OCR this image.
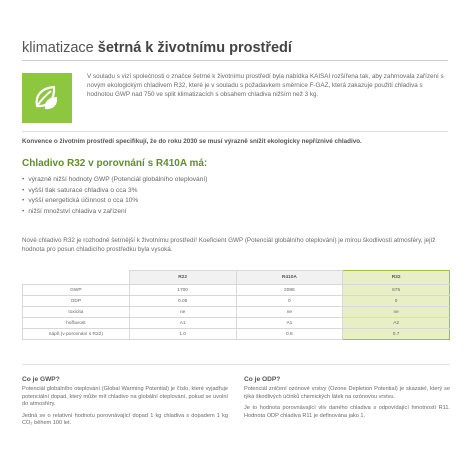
klimatizace šetrná k životnímu prostředí

V souladu s vizí společnosti o značce šetrné k životnímu prostředí byla nabídka KAISAI rozšířena tak, aby zahrnovala zařízení s novým ekologickým chladivem R32, které je v souladu s požadavkem směrnice F-GAZ, která zakazuje použití chladiva s hodnotou GWP nad 750 ve split klimatizacích s obsahem chladiva nižším než 3 kg.

Konvence o životním prostředí specifikují, že do roku 2030 se musí výrazně snížit ekologicky nepříznivé chladivo.

Chladivo R32 v porovnání s R410A má:
• výrazně nižší hodnoty GWP (Potenciál globálního oteplování)
• vyšší tlak saturace chladiva o cca 3%
• vyšší energetická účinnost o cca 10%
• nižší množství chladiva v zařízení

Nové chladivo R32 je rozhodně šetrnější k životnímu prostředí! Koeficient GWP (Potenciál globálního oteplování) je mírou škodlivosti atmosféry, jejíž hodnota pro posun chladicího prostředku byla vysoká.

	R22	R410A	R32
GWP	1700	2088	675
ODP	0.05	0	0
toxicita	ne	ne	ne
hořlavost	A1	A1	A2
nápň (v porovnání s R22)	1.0	0.8	0.7
Co je GWP?

Potenciál globálního oteplování (Global Warming Potential) je číslo, které vyjadřuje potenciální dopad, který může mít chladivo na globální oteplování, pokud se uvolní do atmosféry.

Jedná se o relativní hodnotu porovnávající dopad 1 kg chladiva s dopadem 1 kg CO₂ během 100 let.

Co je ODP?

Potenciál zničení ozónové vrstvy (Ozone Depletion Potential) je skazatel, který se týká škodlivých účinků chemických látek na ozónovou vrstvu.

Je to hodnota porovnávající vliv daného chladiva s odpovídající hmotností R11. Hodnota ODP chladiva R11 je definována jako 1.
